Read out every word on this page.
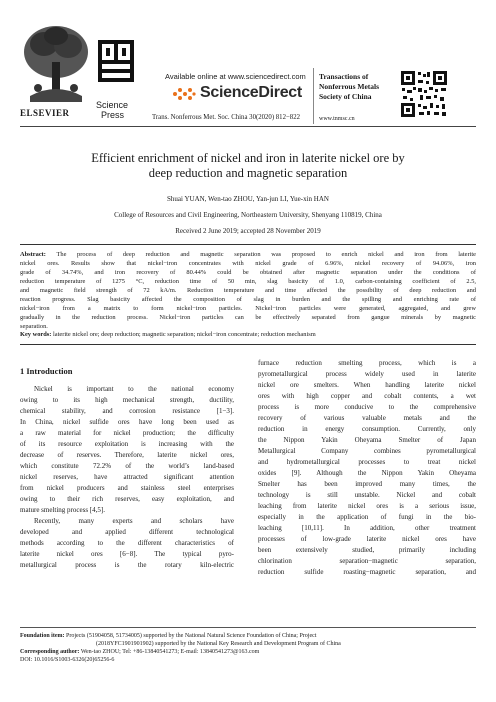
ELSEVIER
Science
Press
Available online at www.sciencedirect.com
ScienceDirect
Trans. Nonferrous Met. Soc. China 30(2020) 812−822
Transactions of
Nonferrous Metals
Society of China
www.tnmsc.cn
Efficient enrichment of nickel and iron in laterite nickel ore by
deep reduction and magnetic separation
Shuai YUAN, Wen-tao ZHOU, Yan-jun LI, Yue-xin HAN
College of Resources and Civil Engineering, Northeastern University, Shenyang 110819, China
Received 2 June 2019; accepted 28 November 2019
Abstract: The process of deep reduction and magnetic separation was proposed to enrich nickel and iron from laterite
nickel ores. Results show that nickel−iron concentrates with nickel grade of 6.96%, nickel recovery of 94.06%, iron
grade of 34.74%, and iron recovery of 80.44% could be obtained after magnetic separation under the conditions of
reduction temperature of 1275 °C, reduction time of 50 min, slag basicity of 1.0, carbon-containing coefficient of 2.5,
and magnetic field strength of 72 kA/m. Reduction temperature and time affected the possibility of deep reduction and
reaction progress. Slag basicity affected the composition of slag in burden and the spilling and enriching rate of
nickel−iron from a matrix to form nickel−iron particles. Nickel−iron particles were generated, aggregated, and grew
gradually in the reduction process. Nickel−iron particles can be effectively separated from gangue minerals by magnetic
separation.
Key words: laterite nickel ore; deep reduction; magnetic separation; nickel−iron concentrate; reduction mechanism
1 Introduction
Nickel is important to the national economy
owing to its high mechanical strength, ductility,
chemical stability, and corrosion resistance [1−3].
In China, nickel sulfide ores have long been used as
a raw material for nickel production; the difficulty
of its resource exploitation is increasing with the
decrease of reserves. Therefore, laterite nickel ores,
which constitute 72.2% of the world’s land-based
nickel reserves, have attracted significant attention
from nickel producers and stainless steel enterprises
owing to their rich reserves, easy exploitation, and
mature smelting process [4,5].
Recently, many experts and scholars have
developed and applied different technological
methods according to the different characteristics of
laterite nickel ores [6−8]. The typical pyro-
metallurgical process is the rotary kiln-electric
furnace reduction smelting process, which is a
pyrometallurgical process widely used in laterite
nickel ore smelters. When handling laterite nickel
ores with high copper and cobalt contents, a wet
process is more conducive to the comprehensive
recovery of various valuable metals and the
reduction in energy consumption. Currently, only
the Nippon Yakin Oheyama Smelter of Japan
Metallurgical Company combines pyrometallurgical
and hydrometallurgical processes to treat nickel
oxides [9]. Although the Nippon Yakin Oheyama
Smelter has been improved many times, the
technology is still unstable. Nickel and cobalt
leaching from laterite nickel ores is a serious issue,
especially in the application of fungi in the bio-
leaching [10,11]. In addition, other treatment
processes of low-grade laterite nickel ores have
been extensively studied, primarily including
chlorination separation−magnetic separation,
reduction sulfide roasting−magnetic separation, and
Foundation item: Projects (51904058, 51734005) supported by the National Natural Science Foundation of China; Project
(2018YFC1901901902) supported by the National Key Research and Development Program of China
Corresponding author: Wen-tao ZHOU; Tel: +86-13840541273; E-mail: 13840541273@163.com
DOI: 10.1016/S1003-6326(20)65256-6
